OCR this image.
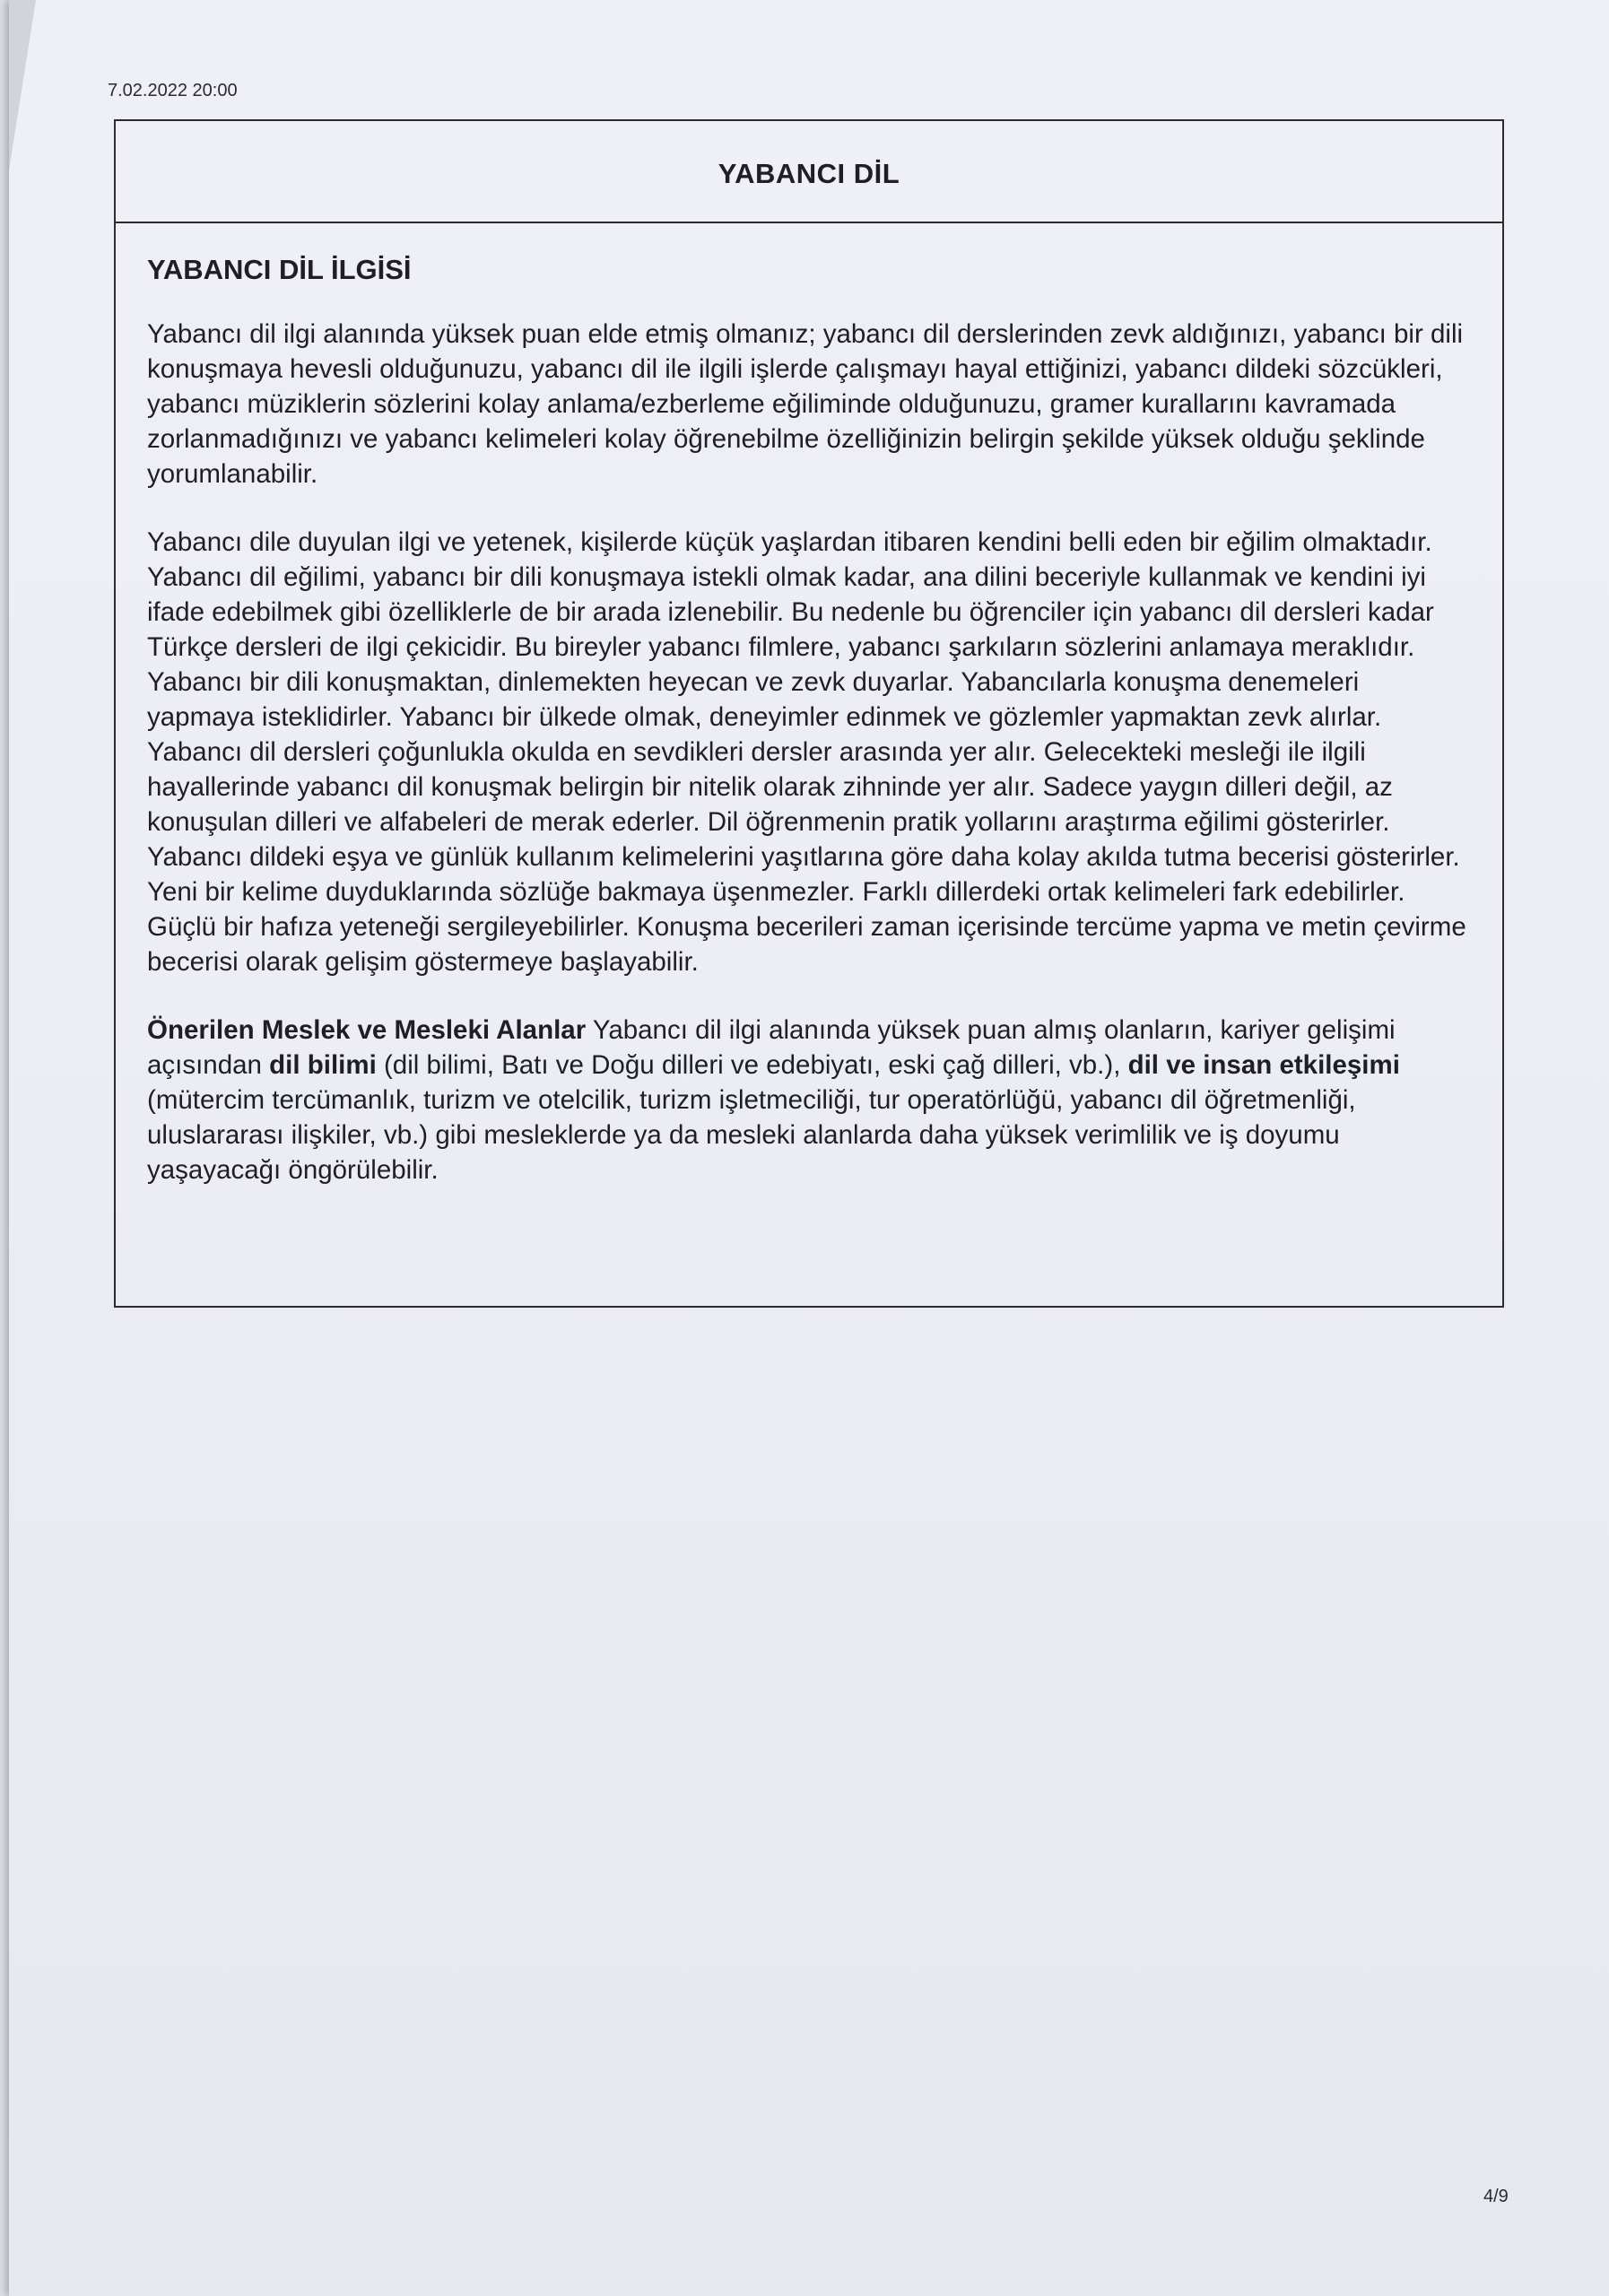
7.02.2022 20:00
YABANCI DİL
YABANCI DİL İLGİSİ

Yabancı dil ilgi alanında yüksek puan elde etmiş olmanız; yabancı dil derslerinden zevk aldığınızı, yabancı bir dili konuşmaya hevesli olduğunuzu, yabancı dil ile ilgili işlerde çalışmayı hayal ettiğinizi, yabancı dildeki sözcükleri, yabancı müziklerin sözlerini kolay anlama/ezberleme eğiliminde olduğunuzu, gramer kurallarını kavramada zorlanmadığınızı ve yabancı kelimeleri kolay öğrenebilme özelliğinizin belirgin şekilde yüksek olduğu şeklinde yorumlanabilir.

Yabancı dile duyulan ilgi ve yetenek, kişilerde küçük yaşlardan itibaren kendini belli eden bir eğilim olmaktadır. Yabancı dil eğilimi, yabancı bir dili konuşmaya istekli olmak kadar, ana dilini beceriyle kullanmak ve kendini iyi ifade edebilmek gibi özelliklerle de bir arada izlenebilir. Bu nedenle bu öğrenciler için yabancı dil dersleri kadar Türkçe dersleri de ilgi çekicidir. Bu bireyler yabancı filmlere, yabancı şarkıların sözlerini anlamaya meraklıdır. Yabancı bir dili konuşmaktan, dinlemekten heyecan ve zevk duyarlar. Yabancılarla konuşma denemeleri yapmaya isteklidirler. Yabancı bir ülkede olmak, deneyimler edinmek ve gözlemler yapmaktan zevk alırlar. Yabancı dil dersleri çoğunlukla okulda en sevdikleri dersler arasında yer alır. Gelecekteki mesleği ile ilgili hayallerinde yabancı dil konuşmak belirgin bir nitelik olarak zihninde yer alır. Sadece yaygın dilleri değil, az konuşulan dilleri ve alfabeleri de merak ederler. Dil öğrenmenin pratik yollarını araştırma eğilimi gösterirler. Yabancı dildeki eşya ve günlük kullanım kelimelerini yaşıtlarına göre daha kolay akılda tutma becerisi gösterirler. Yeni bir kelime duyduklarında sözlüğe bakmaya üşenmezler. Farklı dillerdeki ortak kelimeleri fark edebilirler. Güçlü bir hafıza yeteneği sergileyebilirler. Konuşma becerileri zaman içerisinde tercüme yapma ve metin çevirme becerisi olarak gelişim göstermeye başlayabilir.

Önerilen Meslek ve Mesleki Alanlar Yabancı dil ilgi alanında yüksek puan almış olanların, kariyer gelişimi açısından dil bilimi (dil bilimi, Batı ve Doğu dilleri ve edebiyatı, eski çağ dilleri, vb.), dil ve insan etkileşimi (mütercim tercümanlık, turizm ve otelcilik, turizm işletmeciliği, tur operatörlüğü, yabancı dil öğretmenliği, uluslararası ilişkiler, vb.) gibi mesleklerde ya da mesleki alanlarda daha yüksek verimlilik ve iş doyumu yaşayacağı öngörülebilir.

4/9
